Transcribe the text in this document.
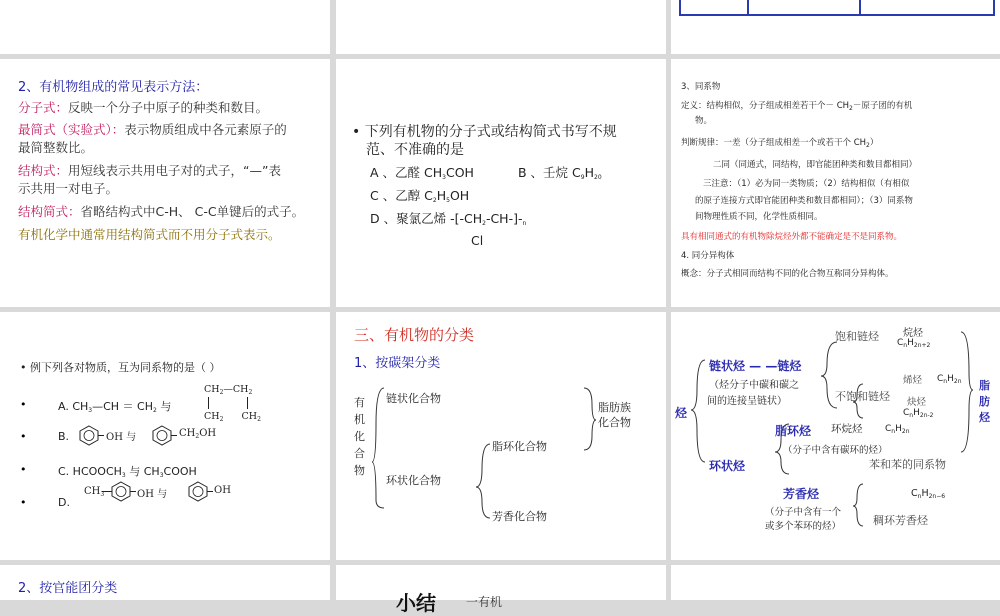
2、有机物组成的常见表示方法：
分子式：反映一个分子中原子的种类和数目。
最简式（实验式）：表示物质组成中各元素原子的
最简整数比。
结构式：用短线表示共用电子对的式子，“—”表
示共用一对电子。
结构简式：省略结构式中C-H、 C-C单键后的式子。
有机化学中通常用结构简式而不用分子式表示。
• 下列有机物的分子式或结构简式书写不规
范、不准确的是
A 、乙醛 $CH_3COH$	B 、壬烷 $C_9H_{20}$
C 、乙醇 $C_2H_5OH$
D 、聚氯乙烯 $-[-CH_2-CH-]-_n$
Cl
3、同系物
定义：结构相似，分子组成相差若干个－ $CH_2-$原子团的有机
物。
判断规律：一差（分子组成相差一个或若干个 $CH_2$）
二同（同通式，同结构，即官能团种类和数目都相同）
三注意：（1）必为同一类物质；（2）结构相似（有相似
的原子连接方式即官能团种类和数目都相同）；（3）同系物
间物理性质不同，化学性质相同。
具有相同通式的有机物除烷烃外都不能确定是不是同系物。
4. 同分异构体
概念：分子式相同而结构不同的化合物互称同分异构体。
• 例下列各对物质，互为同系物的是（ ）
•	A. $CH_3—CH = CH_2$ 与
$CH_2—CH_2$
$CH_2$ $CH_2$
•	B.	OH 与	$CH_2OH$
•	C. $HCOOCH_3$ 与 $CH_3COOH$
•	D.
$CH_3$	OH 与	OH
三、有机物的分类
1、按碳架分类
有
机
化
合
物
链状化合物
环状化合物
脂肪族
化合物
脂环化合物
芳香化合物
烃
链状烃 — —链烃
（烃分子中碳和碳之
间的连接呈链状）
饱和链烃 烷烃
$C_nH_{2n+2}$
不饱和链烃
烯烃 $C_nH_{2n}$
炔烃
$C_nH_{2n-2}$
脂
肪
烃
环状烃
脂环烃 环烷烃	$C_nH_{2n}$
（分子中含有碳环的烃）
苯和苯的同系物
芳香烃	$C_nH_{2n-6}$
（分子中含有一个
或多个苯环的烃）	稠环芳香烃
2、按官能团分类
小结	一有机
